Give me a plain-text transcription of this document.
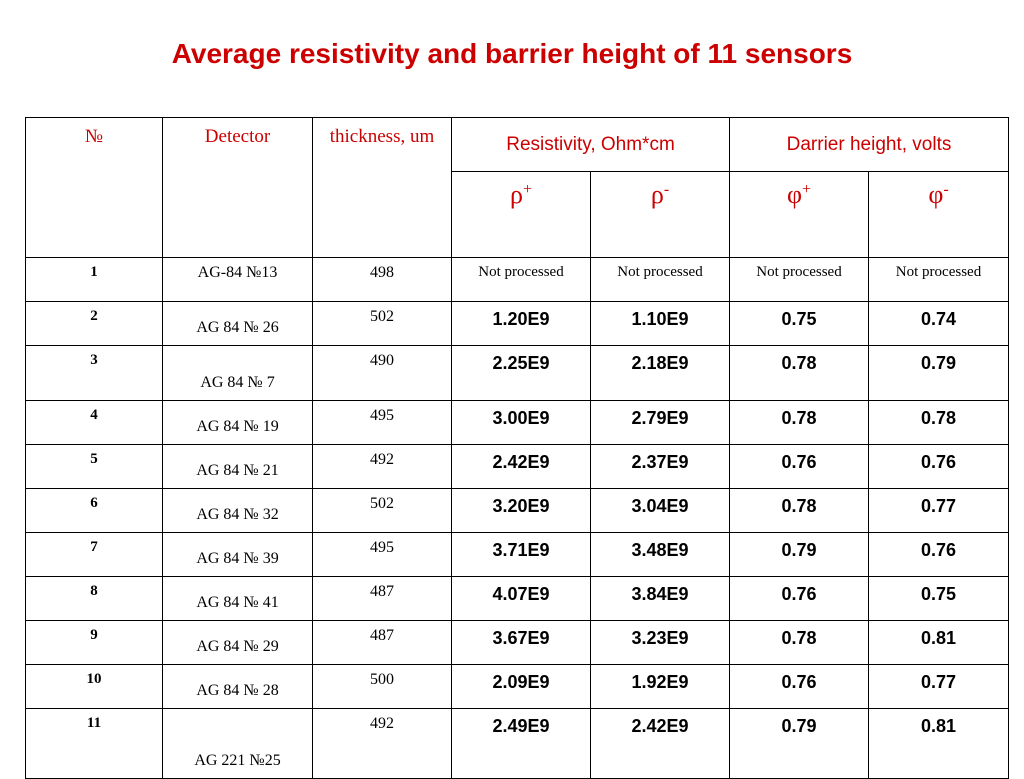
Average resistivity and barrier height of 11 sensors
№	Detector	thickness, um	Resistivity, Ohm*cm		Darrier height, volts	
			ρ+	ρ-	φ+	φ-
1	AG-84 №13	498	Not processed	Not processed	Not processed	Not processed
2	AG 84 № 26	502	1.20E9	1.10E9	0.75	0.74
3	AG 84 № 7	490	2.25E9	2.18E9	0.78	0.79
4	AG 84 № 19	495	3.00E9	2.79E9	0.78	0.78
5	AG 84 № 21	492	2.42E9	2.37E9	0.76	0.76
6	AG 84 № 32	502	3.20E9	3.04E9	0.78	0.77
7	AG 84 № 39	495	3.71E9	3.48E9	0.79	0.76
8	AG 84 № 41	487	4.07E9	3.84E9	0.76	0.75
9	AG 84 № 29	487	3.67E9	3.23E9	0.78	0.81
10	AG 84 № 28	500	2.09E9	1.92E9	0.76	0.77
11	AG 221 №25	492	2.49E9	2.42E9	0.79	0.81
